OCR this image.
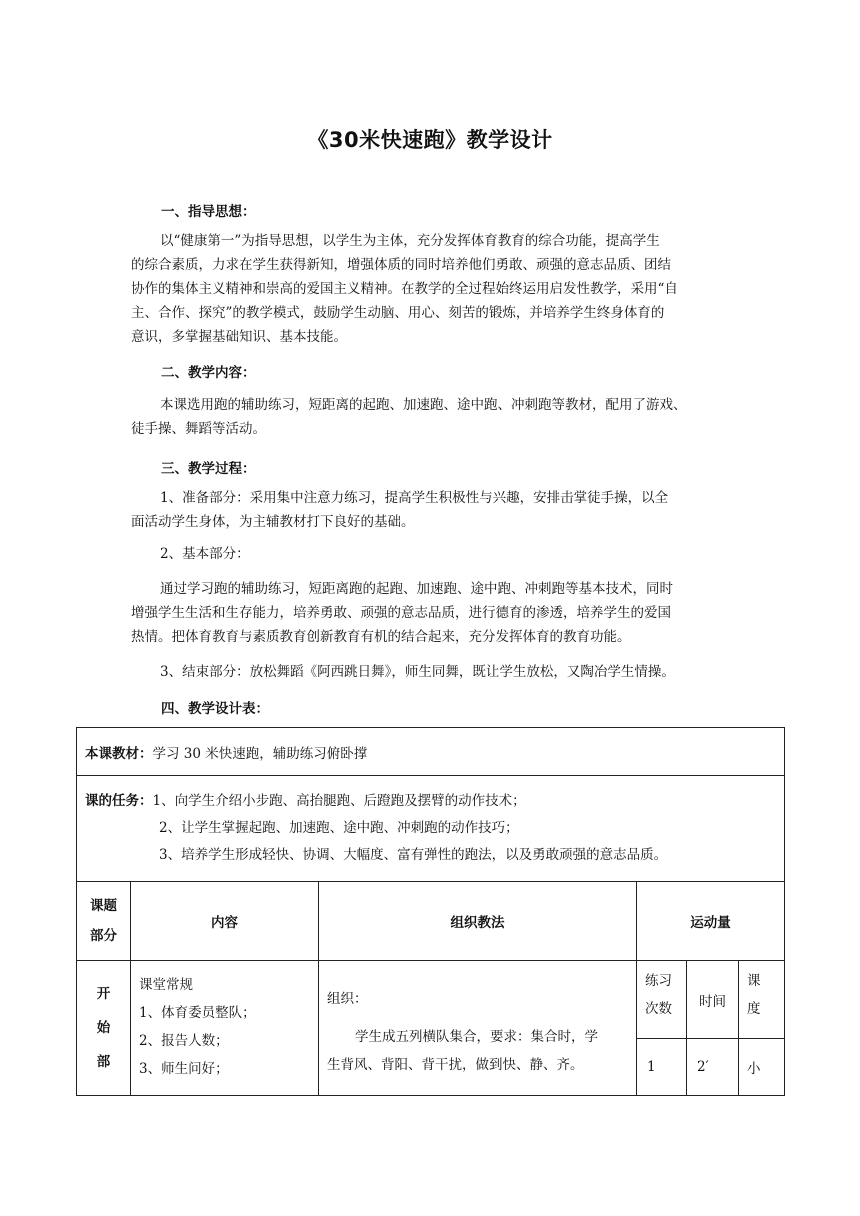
《30米快速跑》教学设计
一、指导思想：
以“健康第一”为指导思想，以学生为主体，充分发挥体育教育的综合功能，提高学生
的综合素质，力求在学生获得新知，增强体质的同时培养他们勇敢、顽强的意志品质、团结
协作的集体主义精神和崇高的爱国主义精神。在教学的全过程始终运用启发性教学，采用“自
主、合作、探究”的教学模式，鼓励学生动脑、用心、刻苦的锻炼，并培养学生终身体育的
意识，多掌握基础知识、基本技能。
二、教学内容：
本课选用跑的辅助练习，短距离的起跑、加速跑、途中跑、冲刺跑等教材，配用了游戏、
徒手操、舞蹈等活动。
三、教学过程：
1、准备部分：采用集中注意力练习，提高学生积极性与兴趣，安排击掌徒手操，以全
面活动学生身体，为主辅教材打下良好的基础。
2、基本部分：
通过学习跑的辅助练习，短距离跑的起跑、加速跑、途中跑、冲刺跑等基本技术，同时
增强学生生活和生存能力，培养勇敢、顽强的意志品质，进行德育的渗透，培养学生的爱国
热情。把体育教育与素质教育创新教育有机的结合起来，充分发挥体育的教育功能。
3、结束部分：放松舞蹈《阿西跳日舞》，师生同舞，既让学生放松，又陶冶学生情操。
四、教学设计表：
本课教材：学习 30 米快速跑，辅助练习俯卧撑					

课的任务：1、向学生介绍小步跑、高抬腿跑、后蹬跑及摆臂的动作技术；
2、让学生掌握起跑、加速跑、途中跑、冲刺跑的动作技巧；
3、培养学生形成轻快、协调、大幅度、富有弹性的跑法，以及勇敢顽强的意志品质。					

课题
部分	内容	组织教法	运动量		
开
始
部	课堂常规
1、体育委员整队；
2、报告人数；
3、师生问好；	组织：
学生成五列横队集合，要求：集合时，学
生背风、背阳、背干扰，做到快、静、齐。	练习
次数	时间	课
度
			1	2′	小
